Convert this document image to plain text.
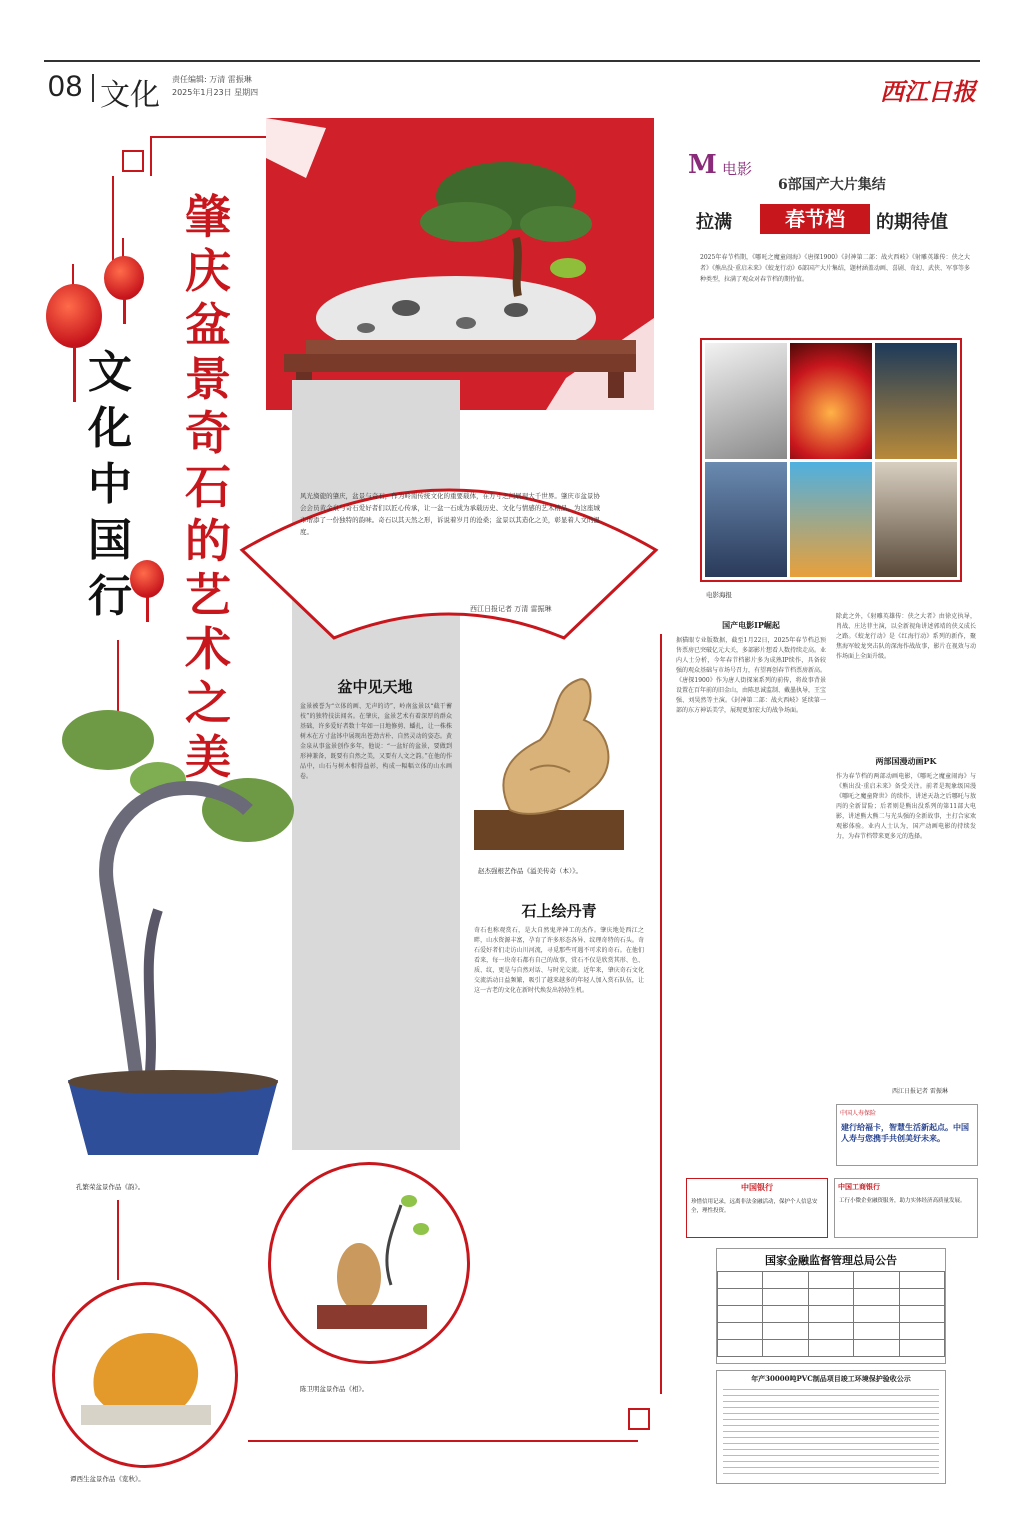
08 文化 责任编辑: 万清 雷振琳
2025年1月23日 星期四	西江日报
文化中国行
肇庆盆景奇石的艺术之美
风光旖旎的肇庆，盆景与奇石，作为岭南传统文化的重要载体，在方寸之间展现大千世界。肇庆市盆景协会会员黄金泉与奇石爱好者们以匠心传承，让一盆一石成为承载历史、文化与情感的艺术精品，为这座城市增添了一份独特的韵味。奇石以其天然之形，诉说着岁月的沧桑；盆景以其造化之美，彰显着人文的温度。
西江日报记者 万清 雷振琳
盆中见天地
盆景被誉为“立体的画、无声的诗”，岭南盆景以“截干蓄枝”的独特技法闻名。在肇庆，盆景艺术有着深厚的群众基础，许多爱好者数十年如一日地修剪、蟠扎，让一株株树木在方寸盆钵中展现出苍劲古朴、自然灵动的姿态。黄金泉从事盆景创作多年，他说：“一盆好的盆景，要做到形神兼备，既要有自然之美，又要有人文之韵。”在他的作品中，山石与树木相得益彰，构成一幅幅立体的山水画卷。
赵杰强根艺作品《溢美传奇（本）》。
石上绘丹青
奇石也称观赏石，是大自然鬼斧神工的杰作。肇庆地处西江之畔，山水资源丰富，孕育了许多形态各异、纹理奇特的石头。奇石爱好者们走访山川河流，寻觅那些可遇不可求的奇石。在他们看来，每一块奇石都有自己的故事，赏石不仅是欣赏其形、色、质、纹，更是与自然对话、与时光交流。近年来，肇庆奇石文化交流活动日益频繁，吸引了越来越多的年轻人加入赏石队伍，让这一古老的文化在新时代焕发出勃勃生机。
孔繁荣盆景作品《韵》。
谭西生盆景作品《览秋》。
陈卫明盆景作品《相》。
M 电影
6部国产大片集结
拉满	春节档	的期待值
2025年春节档期，《哪吒之魔童闹海》《唐探1900》《封神第二部：战火西岐》《射雕英雄传：侠之大者》《熊出没·重启未来》《蛟龙行动》6部国产大片集结，题材涵盖动画、喜剧、奇幻、武侠、军事等多种类型，拉满了观众对春节档的期待值。
电影海报
国产电影IP崛起
据猫眼专业版数据，截至1月22日，2025年春节档总预售票房已突破亿元大关，多部影片想看人数持续走高。业内人士分析，今年春节档影片多为成熟IP续作，具备较强的观众基础与市场号召力，有望再创春节档票房新高。《唐探1900》作为唐人街探案系列的前传，将故事背景设置在百年前的旧金山，由陈思诚监制、戴墨执导，王宝强、刘昊然等主演。《封神第二部：战火西岐》延续第一部的东方神话美学，展现更加宏大的战争场面。
除此之外，《射雕英雄传：侠之大者》由徐克执导，肖战、庄达菲主演，以全新视角讲述郭靖的侠义成长之路。《蛟龙行动》是《红海行动》系列的新作，聚焦海军蛟龙突击队的深海作战故事，影片在视效与动作场面上全面升级。
两部国漫动画PK
作为春节档的两部动画电影，《哪吒之魔童闹海》与《熊出没·重启未来》备受关注。前者是现象级国漫《哪吒之魔童降世》的续作，讲述天劫之后哪吒与敖丙的全新冒险；后者则是熊出没系列的第11部大电影，讲述熊大熊二与光头强的全新故事，主打合家欢观影体验。业内人士认为，国产动画电影的持续发力，为春节档带来更多元的选择。
西江日报记者 雷振琳
中国人寿保险
建行给福卡，智慧生活新起点。中国人寿与您携手共创美好未来。
中国银行
珍惜信用记录，远离非法金融活动，保护个人信息安全，理性投资。
中国工商银行
工行小微企业融资服务，助力实体经济高质量发展。
国家金融监督管理总局公告

年产30000吨PVC制品项目竣工环境保护验收公示
